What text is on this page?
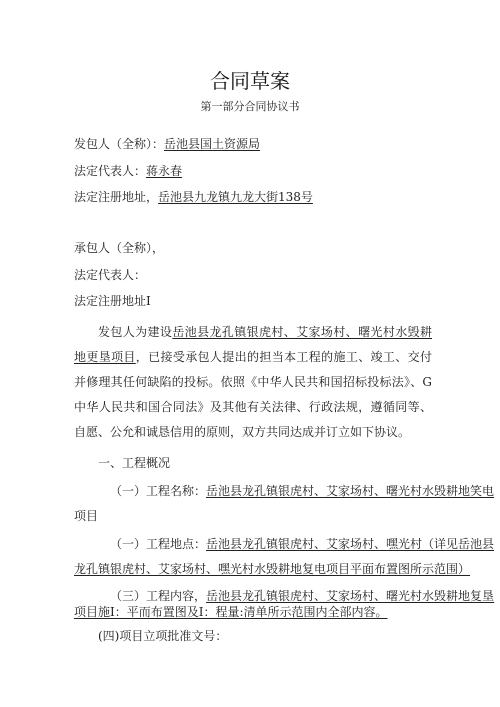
合同草案
第一部分合同协议书
发包人（全称）：岳池县国土资源局
法定代表人：蒋永春
法定注册地址，岳池县九龙镇九龙大街138号
承包人（全称），
法定代表人：
法定注册地址I
发包人为建设岳池县龙孔镇银虎村、艾家场村、曙光村水毁耕地更垦项目，已接受承包人提出的担当本工程的施工、竣工、交付并修理其任何缺陷的投标。依照《中华人民共和国招标投标法》、G中华人民共和国合同法》及其他有关法律、行政法规，遵循同等、自愿、公允和诚恳信用的原则，双方共同达成并订立如下协议。
一、工程概况
（一）工程名称：岳池县龙孔镇银虎村、艾家场村、曙光村水毁耕地笑电
项目
（一）工程地点：岳池县龙孔镇银虎村、艾家场村、嘿光村（详见岳池县
龙孔镇银虎村、艾家场村、嘿光村水毁耕地复电项目平面布置图所示范围）
（三）工程内容，岳池县龙孔镇银虎村、艾家场村、曙光村水毁耕地复垦
项目施I：平而布置图及I：程量:清单所示范围内全部内容。
(四)项目立项批准文号：
